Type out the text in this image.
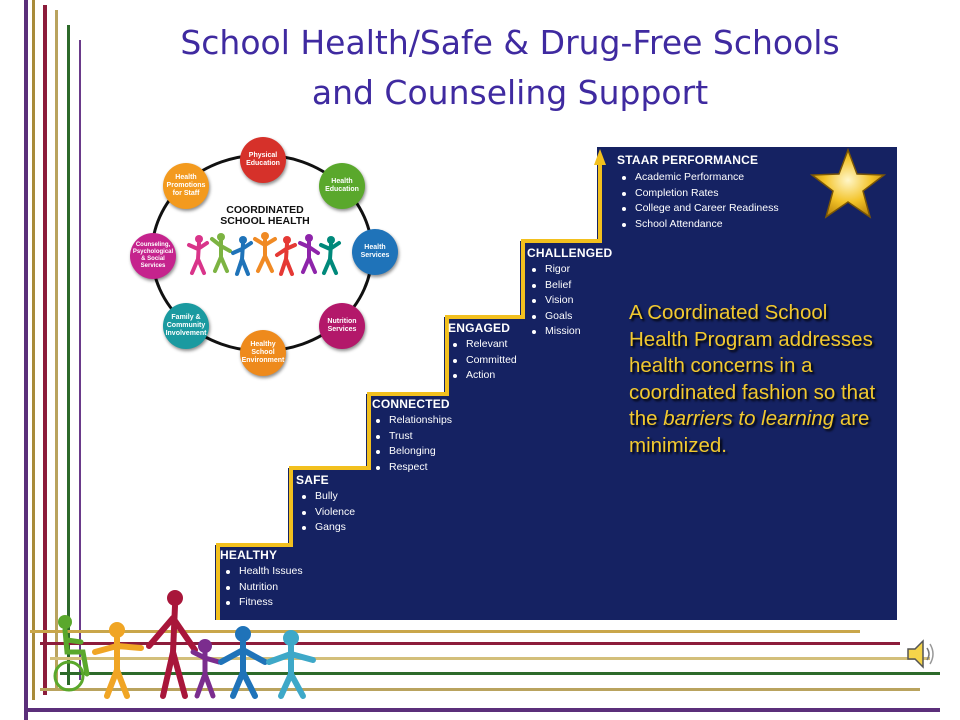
School Health/Safe & Drug-Free Schools
and Counseling Support
HEALTHY
Health Issues
Nutrition
Fitness
SAFE
Bully
Violence
Gangs
CONNECTED
Relationships
Trust
Belonging
Respect
ENGAGED
Relevant
Committed
Action
CHALLENGED
Rigor
Belief
Vision
Goals
Mission
STAAR PERFORMANCE
Academic Performance
Completion Rates
College and Career Readiness
School Attendance
A Coordinated School Health Program addresses health concerns in a coordinated fashion so that the barriers to learning are minimized.
COORDINATED
SCHOOL HEALTH
Physical Education
Health Education
Health Services
Nutrition Services
Healthy School Environment
Family & Community Involvement
Counseling, Psychological & Social Services
Health Promotions for Staff
